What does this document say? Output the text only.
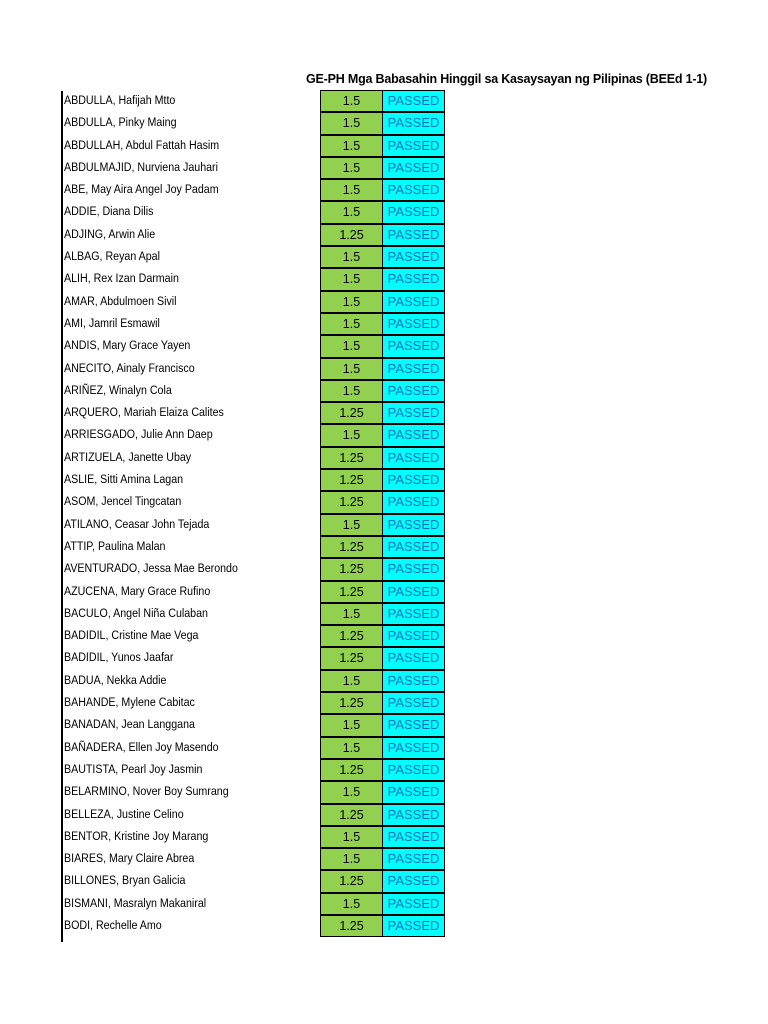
GE-PH Mga Babasahin Hinggil sa Kasaysayan ng Pilipinas (BEEd 1-1)
ABDULLA, Hafijah Mtto	1.5	PASSED
ABDULLA, Pinky Maing	1.5	PASSED
ABDULLAH, Abdul Fattah Hasim	1.5	PASSED
ABDULMAJID, Nurviena Jauhari	1.5	PASSED
ABE, May Aira Angel Joy Padam	1.5	PASSED
ADDIE, Diana Dilis	1.5	PASSED
ADJING, Arwin Alie	1.25	PASSED
ALBAG, Reyan Apal	1.5	PASSED
ALIH, Rex Izan Darmain	1.5	PASSED
AMAR, Abdulmoen Sivil	1.5	PASSED
AMI, Jamril Esmawil	1.5	PASSED
ANDIS, Mary Grace Yayen	1.5	PASSED
ANECITO, Ainaly Francisco	1.5	PASSED
ARIÑEZ, Winalyn Cola	1.5	PASSED
ARQUERO, Mariah Elaiza Calites	1.25	PASSED
ARRIESGADO, Julie Ann Daep	1.5	PASSED
ARTIZUELA, Janette Ubay	1.25	PASSED
ASLIE, Sitti Amina Lagan	1.25	PASSED
ASOM, Jencel Tingcatan	1.25	PASSED
ATILANO, Ceasar John Tejada	1.5	PASSED
ATTIP, Paulina Malan	1.25	PASSED
AVENTURADO, Jessa Mae Berondo	1.25	PASSED
AZUCENA, Mary Grace Rufino	1.25	PASSED
BACULO, Angel Niña Culaban	1.5	PASSED
BADIDIL, Cristine Mae Vega	1.25	PASSED
BADIDIL, Yunos Jaafar	1.25	PASSED
BADUA, Nekka Addie	1.5	PASSED
BAHANDE, Mylene Cabitac	1.25	PASSED
BANADAN, Jean Langgana	1.5	PASSED
BAÑADERA, Ellen Joy Masendo	1.5	PASSED
BAUTISTA, Pearl Joy Jasmin	1.25	PASSED
BELARMINO, Nover Boy Sumrang	1.5	PASSED
BELLEZA, Justine Celino	1.25	PASSED
BENTOR, Kristine Joy Marang	1.5	PASSED
BIARES, Mary Claire Abrea	1.5	PASSED
BILLONES, Bryan Galicia	1.25	PASSED
BISMANI, Masralyn Makaniral	1.5	PASSED
BODI, Rechelle Amo	1.25	PASSED
